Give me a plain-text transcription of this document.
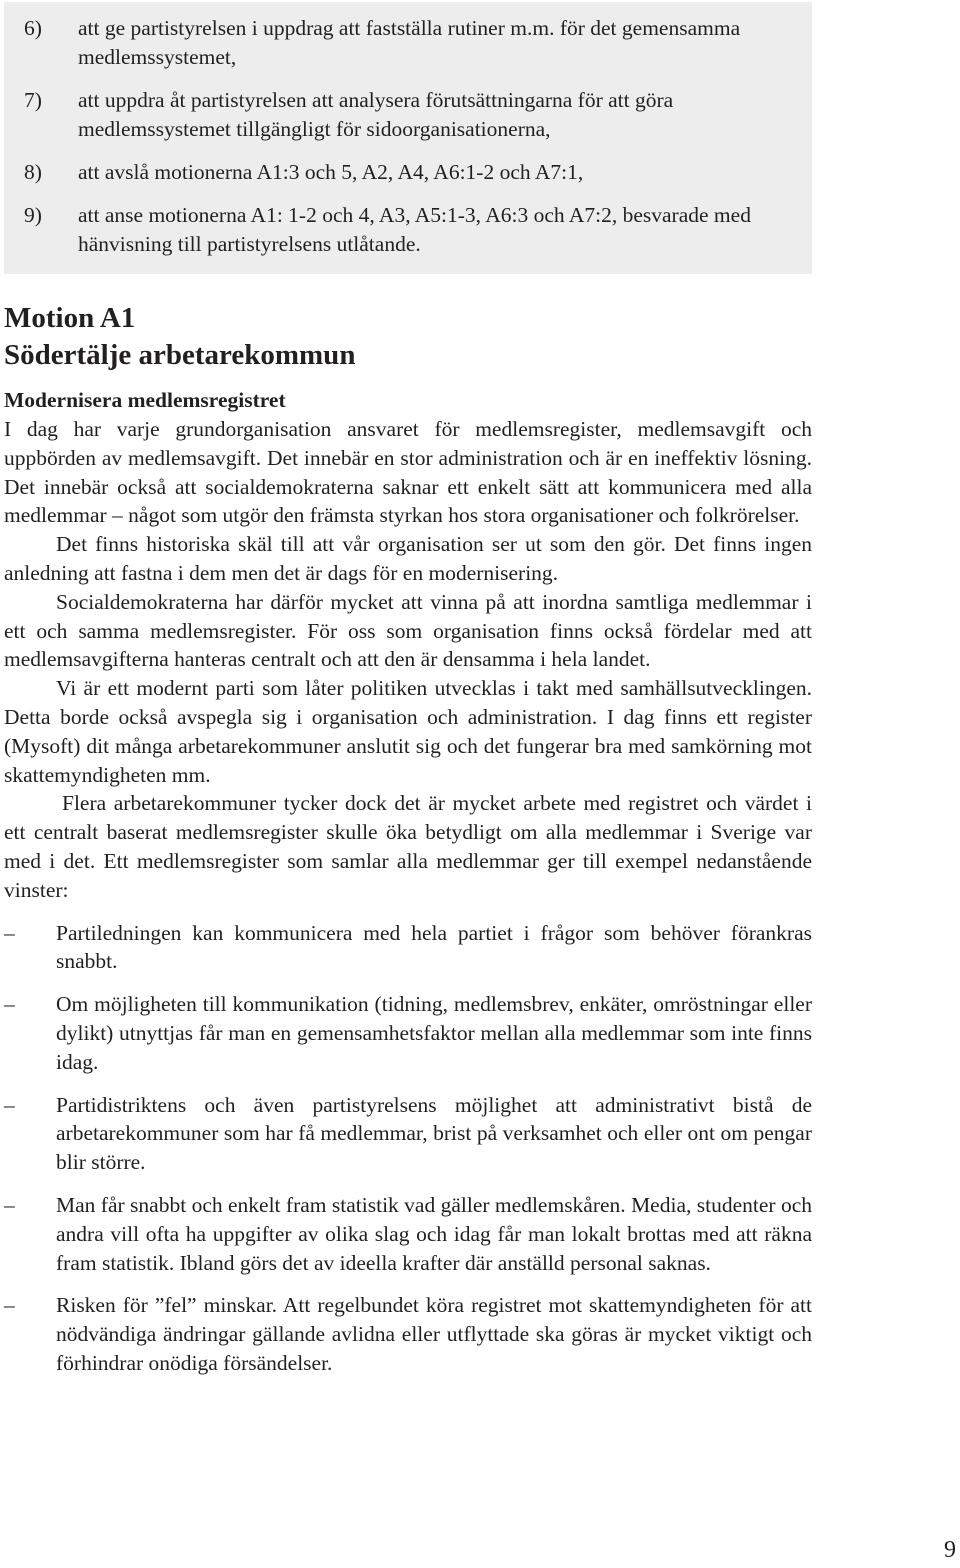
6) att ge partistyrelsen i uppdrag att fastställa rutiner m.m. för det gemensamma medlemssystemet,
7) att uppdra åt partistyrelsen att analysera förutsättningarna för att göra medlemssystemet tillgängligt för sidoorganisationerna,
8) att avslå motionerna A1:3 och 5, A2, A4, A6:1-2 och A7:1,
9) att anse motionerna A1: 1-2 och 4, A3, A5:1-3, A6:3 och A7:2, besvarade med hänvisning till partistyrelsens utlåtande.
Motion A1
Södertälje arbetarekommun
Modernisera medlemsregistret

I dag har varje grundorganisation ansvaret för medlemsregister, medlemsavgift och uppbörden av medlemsavgift. Det innebär en stor administration och är en ineffektiv lösning. Det innebär också att socialdemokraterna saknar ett enkelt sätt att kommunicera med alla medlemmar – något som utgör den främsta styrkan hos stora organisationer och folkrörelser.

Det finns historiska skäl till att vår organisation ser ut som den gör. Det finns ingen anledning att fastna i dem men det är dags för en modernisering.

Socialdemokraterna har därför mycket att vinna på att inordna samtliga medlemmar i ett och samma medlemsregister. För oss som organisation finns också fördelar med att medlemsavgifterna hanteras centralt och att den är densamma i hela landet.

Vi är ett modernt parti som låter politiken utvecklas i takt med samhällsutvecklingen. Detta borde också avspegla sig i organisation och administration. I dag finns ett register (Mysoft) dit många arbetarekommuner anslutit sig och det fungerar bra med samkörning mot skattemyndigheten mm.

Flera arbetarekommuner tycker dock det är mycket arbete med registret och värdet i ett centralt baserat medlemsregister skulle öka betydligt om alla medlemmar i Sverige var med i det. Ett medlemsregister som samlar alla medlemmar ger till exempel nedanstående vinster:

– Partiledningen kan kommunicera med hela partiet i frågor som behöver förankras snabbt.
– Om möjligheten till kommunikation (tidning, medlemsbrev, enkäter, omröstningar eller dylikt) utnyttjas får man en gemensamhetsfaktor mellan alla medlemmar som inte finns idag.
– Partidistriktens och även partistyrelsens möjlighet att administrativt bistå de arbetarekommuner som har få medlemmar, brist på verksamhet och eller ont om pengar blir större.
– Man får snabbt och enkelt fram statistik vad gäller medlemskåren. Media, studenter och andra vill ofta ha uppgifter av olika slag och idag får man lokalt brottas med att räkna fram statistik. Ibland görs det av ideella krafter där anställd personal saknas.
– Risken för ”fel” minskar. Att regelbundet köra registret mot skattemyndigheten för att nödvändiga ändringar gällande avlidna eller utflyttade ska göras är mycket viktigt och förhindrar onödiga försändelser.
9
